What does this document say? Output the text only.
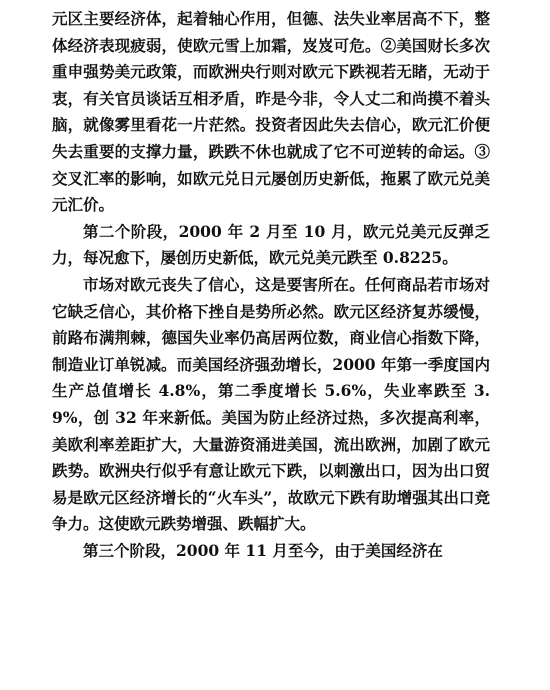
元区主要经济体，起着轴心作用，但德、法失业率居高不下，整体经济表现疲弱，使欧元雪上加霜，岌岌可危。②美国财长多次重申强势美元政策，而欧洲央行则对欧元下跌视若无睹，无动于衷，有关官员谈话互相矛盾，昨是今非，令人丈二和尚摸不着头脑，就像雾里看花一片茫然。投资者因此失去信心，欧元汇价便失去重要的支撑力量，跌跌不休也就成了它不可逆转的命运。③交叉汇率的影响，如欧元兑日元屡创历史新低，拖累了欧元兑美元汇价。

第二个阶段，2000 年 2 月至 10 月，欧元兑美元反弹乏力，每况愈下，屡创历史新低，欧元兑美元跌至 0.8225。

市场对欧元丧失了信心，这是要害所在。任何商品若市场对它缺乏信心，其价格下挫自是势所必然。欧元区经济复苏缓慢，前路布满荆棘，德国失业率仍高居两位数，商业信心指数下降，制造业订单锐减。而美国经济强劲增长，2000 年第一季度国内生产总值增长 4.8%，第二季度增长 5.6%，失业率跌至 3.9%，创 32 年来新低。美国为防止经济过热，多次提高利率，美欧利率差距扩大，大量游资涌进美国，流出欧洲，加剧了欧元跌势。欧洲央行似乎有意让欧元下跌，以刺激出口，因为出口贸易是欧元区经济增长的“火车头”，故欧元下跌有助增强其出口竞争力。这使欧元跌势增强、跌幅扩大。

第三个阶段，2000 年 11 月至今，由于美国经济在
